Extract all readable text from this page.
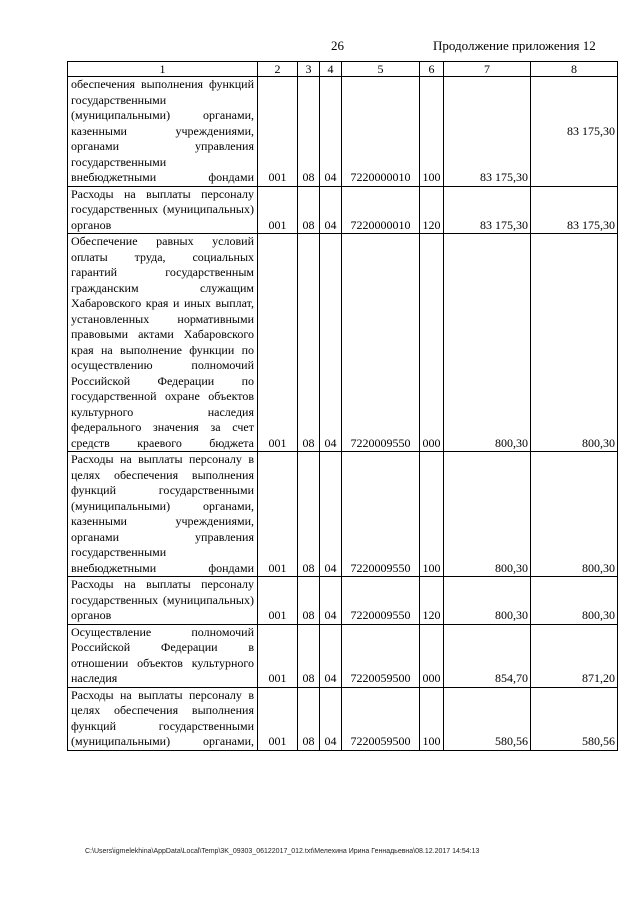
26	Продолжение приложения 12
1	2	3	4	5	6	7	8
обеспечения выполнения функций государственными (муниципальными) органами, казенными учреждениями, органами управления государственными внебюджетными фондами	001	08	04	7220000010	100	83 175,30	83 175,30
Расходы на выплаты персоналу государственных (муниципальных) органов	001	08	04	7220000010	120	83 175,30	83 175,30
Обеспечение равных условий оплаты труда, социальных гарантий государственным гражданским служащим Хабаровского края и иных выплат, установленных нормативными правовыми актами Хабаровского края на выполнение функции по осуществлению полномочий Российской Федерации по государственной охране объектов культурного наследия федерального значения за счет средств краевого бюджета	001	08	04	7220009550	000	800,30	800,30
Расходы на выплаты персоналу в целях обеспечения выполнения функций государственными (муниципальными) органами, казенными учреждениями, органами управления государственными внебюджетными фондами	001	08	04	7220009550	100	800,30	800,30
Расходы на выплаты персоналу государственных (муниципальных) органов	001	08	04	7220009550	120	800,30	800,30
Осуществление полномочий Российской Федерации в отношении объектов культурного наследия	001	08	04	7220059500	000	854,70	871,20
Расходы на выплаты персоналу в целях обеспечения выполнения функций государственными (муниципальными) органами,	001	08	04	7220059500	100	580,56	580,56
C:\Users\igmelekhina\AppData\Local\Temp\3K_09303_06122017_012.txt\Мелехина Ирина Геннадьевна\08.12.2017 14:54:13
